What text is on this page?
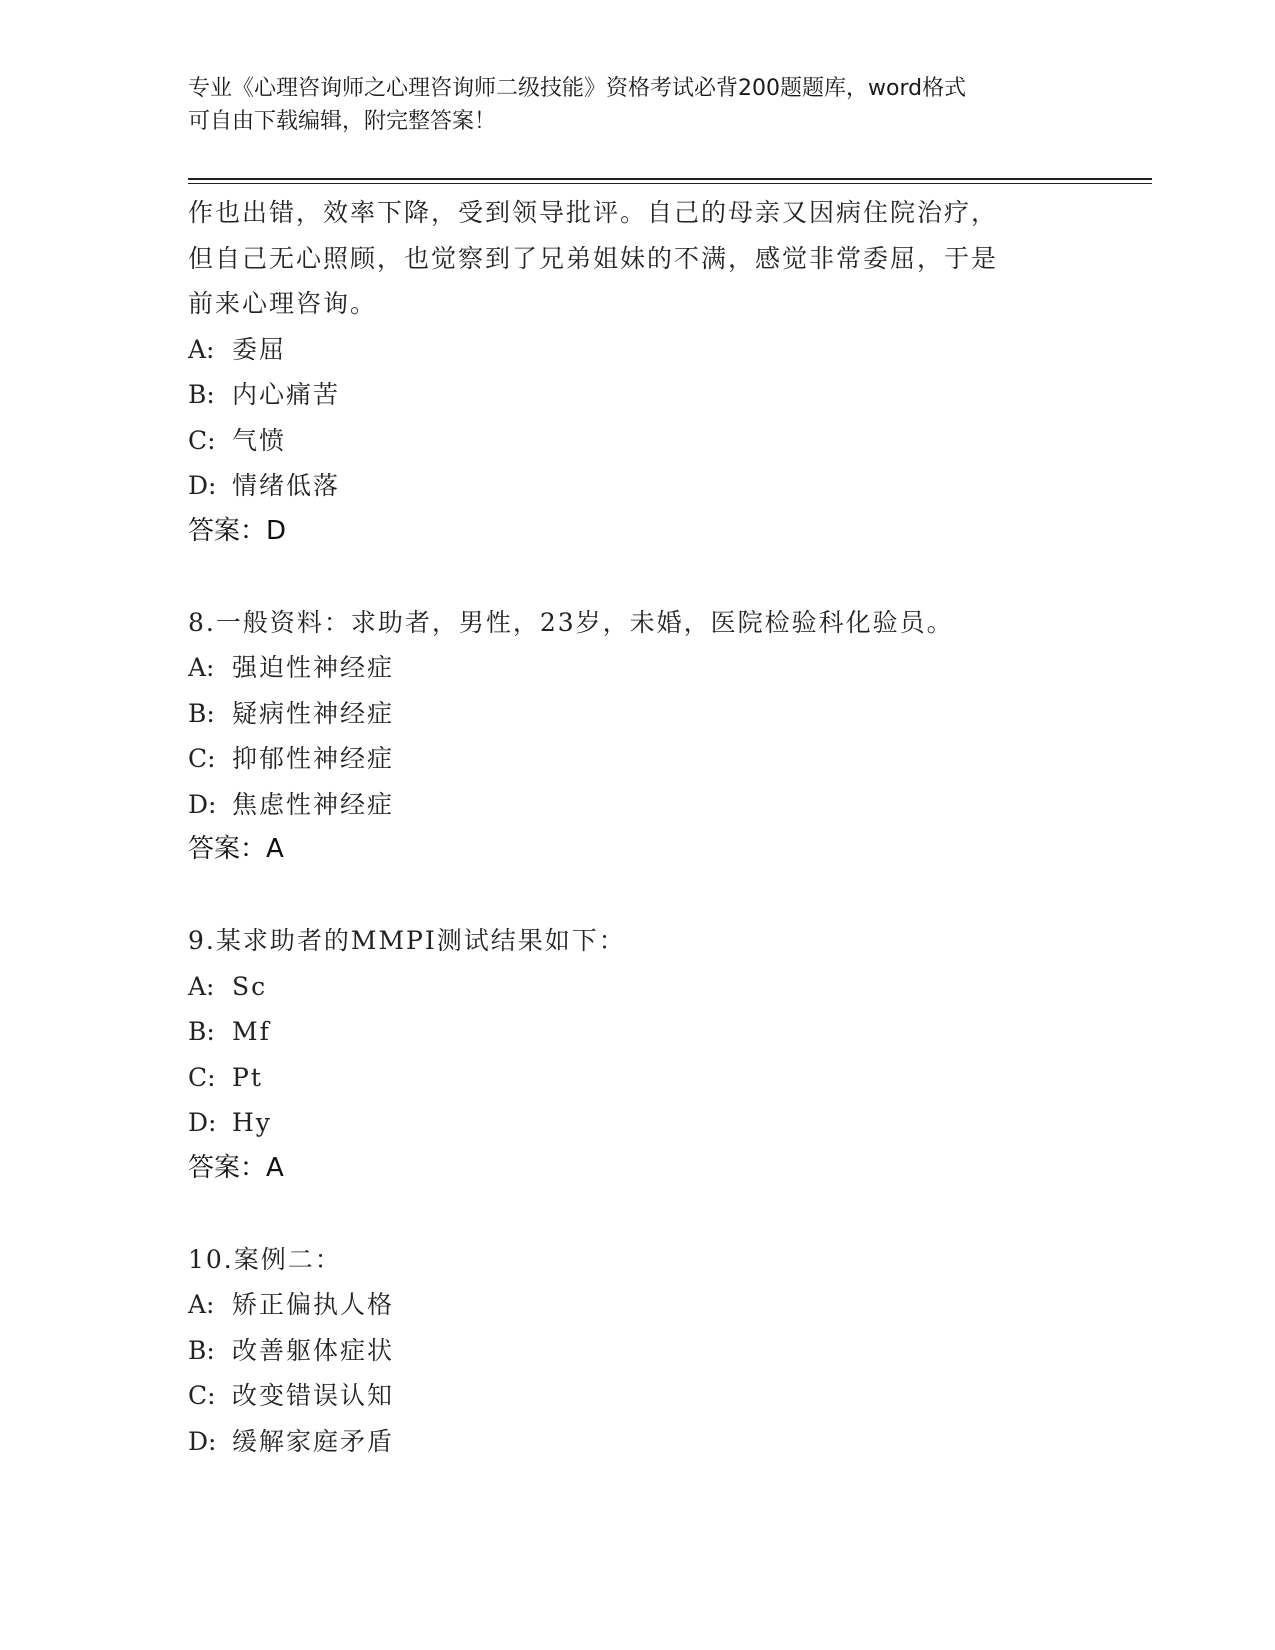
专业《心理咨询师之心理咨询师二级技能》资格考试必背200题题库，word格式
可自由下载编辑，附完整答案！
作也出错，效率下降，受到领导批评。自己的母亲又因病住院治疗，
但自己无心照顾，也觉察到了兄弟姐妹的不满，感觉非常委屈，于是
前来心理咨询。
A: 委屈
B: 内心痛苦
C: 气愤
D: 情绪低落
答案：D
8.一般资料：求助者，男性，23岁，未婚，医院检验科化验员。
A: 强迫性神经症
B: 疑病性神经症
C: 抑郁性神经症
D: 焦虑性神经症
答案：A
9.某求助者的MMPI测试结果如下：
A: Sc
B: Mf
C: Pt
D: Hy
答案：A
10.案例二：
A: 矫正偏执人格
B: 改善躯体症状
C: 改变错误认知
D: 缓解家庭矛盾
